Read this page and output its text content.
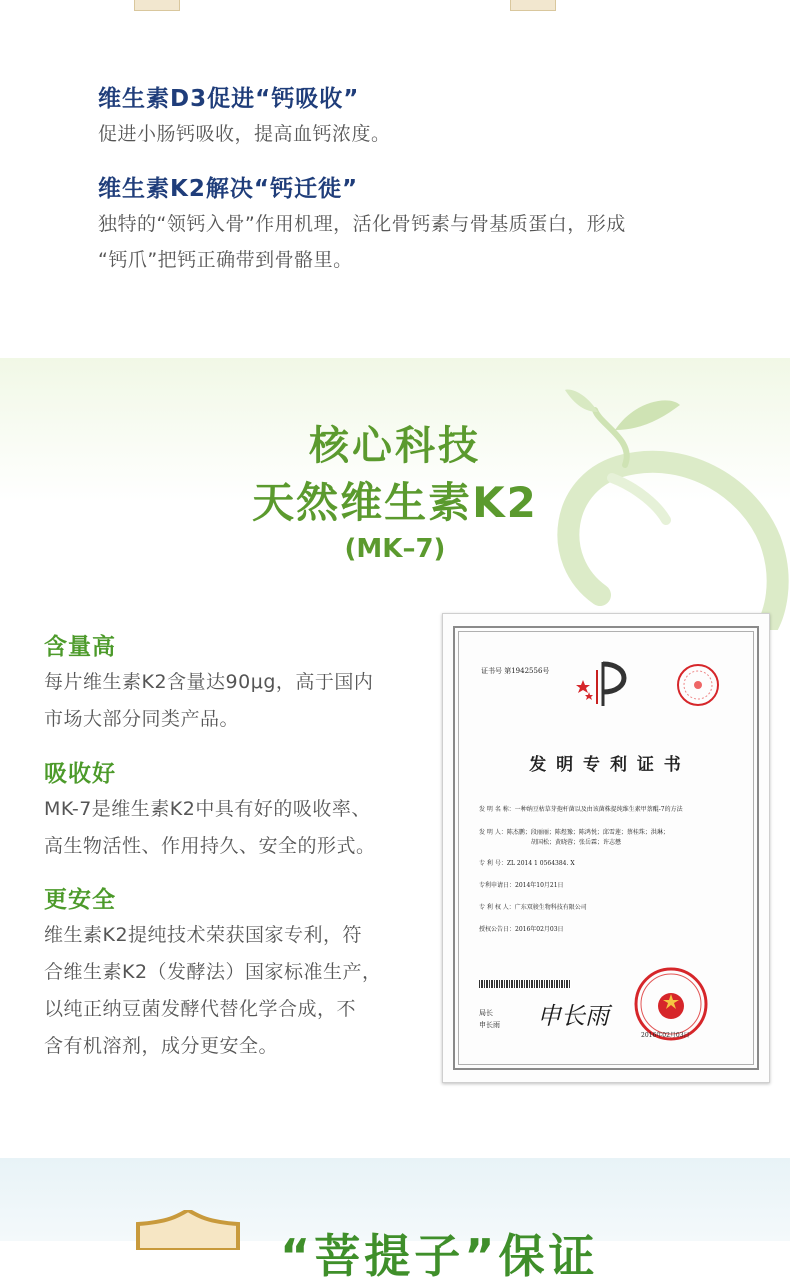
维生素D3促进“钙吸收”
促进小肠钙吸收，提高血钙浓度。
维生素K2解决“钙迁徙”
独特的“领钙入骨”作用机理，活化骨钙素与骨基质蛋白，形成
“钙爪”把钙正确带到骨骼里。
核心科技
天然维生素K2
(MK–7)
含量高
每片维生素K2含量达90μg，高于国内
市场大部分同类产品。
吸收好
MK-7是维生素K2中具有好的吸收率、
高生物活性、作用持久、安全的形式。
更安全
维生素K2提纯技术荣获国家专利，符
合维生素K2（发酵法）国家标准生产，
以纯正纳豆菌发酵代替化学合成，不
含有机溶剂，成分更安全。
证书号 第1942556号
发 明 专 利 证 书
发 明 名 称：一种纳豆枯草芽孢杆菌以及由该菌株提纯维生素甲萘醌-7的方法
发 明 人：陈杰鹏；段丽丽；陈煜豫；陈鸿悦；邱雪莲；蔡桂珠；洪琳；
胡国松；黄晓蓉；张岳霖；许志懋
专 利 号：ZL 2014 1 0564384. X
专利申请日：2014年10月21日
专 利 权 人：广东双骏生物科技有限公司
授权公告日：2016年02月03日
局长
申长雨 申长雨
2016年02月03日
“菩提子”保证
